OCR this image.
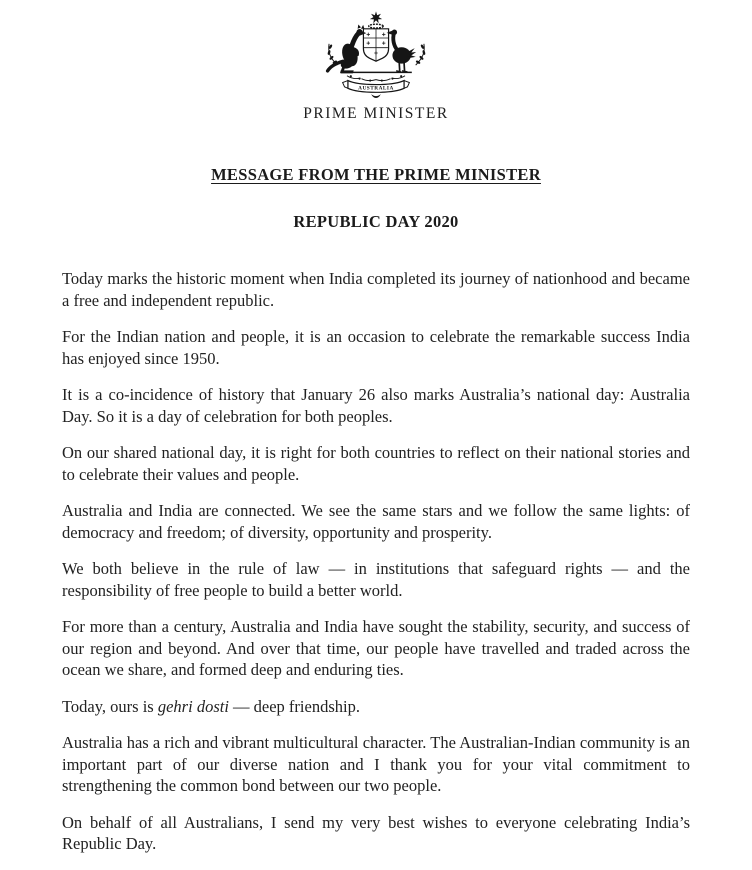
AUSTRALIA
PRIME MINISTER
MESSAGE FROM THE PRIME MINISTER
REPUBLIC DAY 2020

Today marks the historic moment when India completed its journey of nationhood and became a free and independent republic.

For the Indian nation and people, it is an occasion to celebrate the remarkable success India has enjoyed since 1950.

It is a co-incidence of history that January 26 also marks Australia’s national day: Australia Day. So it is a day of celebration for both peoples.

On our shared national day, it is right for both countries to reflect on their national stories and to celebrate their values and people.

Australia and India are connected. We see the same stars and we follow the same lights: of democracy and freedom; of diversity, opportunity and prosperity.

We both believe in the rule of law — in institutions that safeguard rights — and the responsibility of free people to build a better world.

For more than a century, Australia and India have sought the stability, security, and success of our region and beyond. And over that time, our people have travelled and traded across the ocean we share, and formed deep and enduring ties.

Today, ours is gehri dosti — deep friendship.

Australia has a rich and vibrant multicultural character. The Australian-Indian community is an important part of our diverse nation and I thank you for your vital commitment to strengthening the common bond between our two people.

On behalf of all Australians, I send my very best wishes to everyone celebrating India’s Republic Day.
